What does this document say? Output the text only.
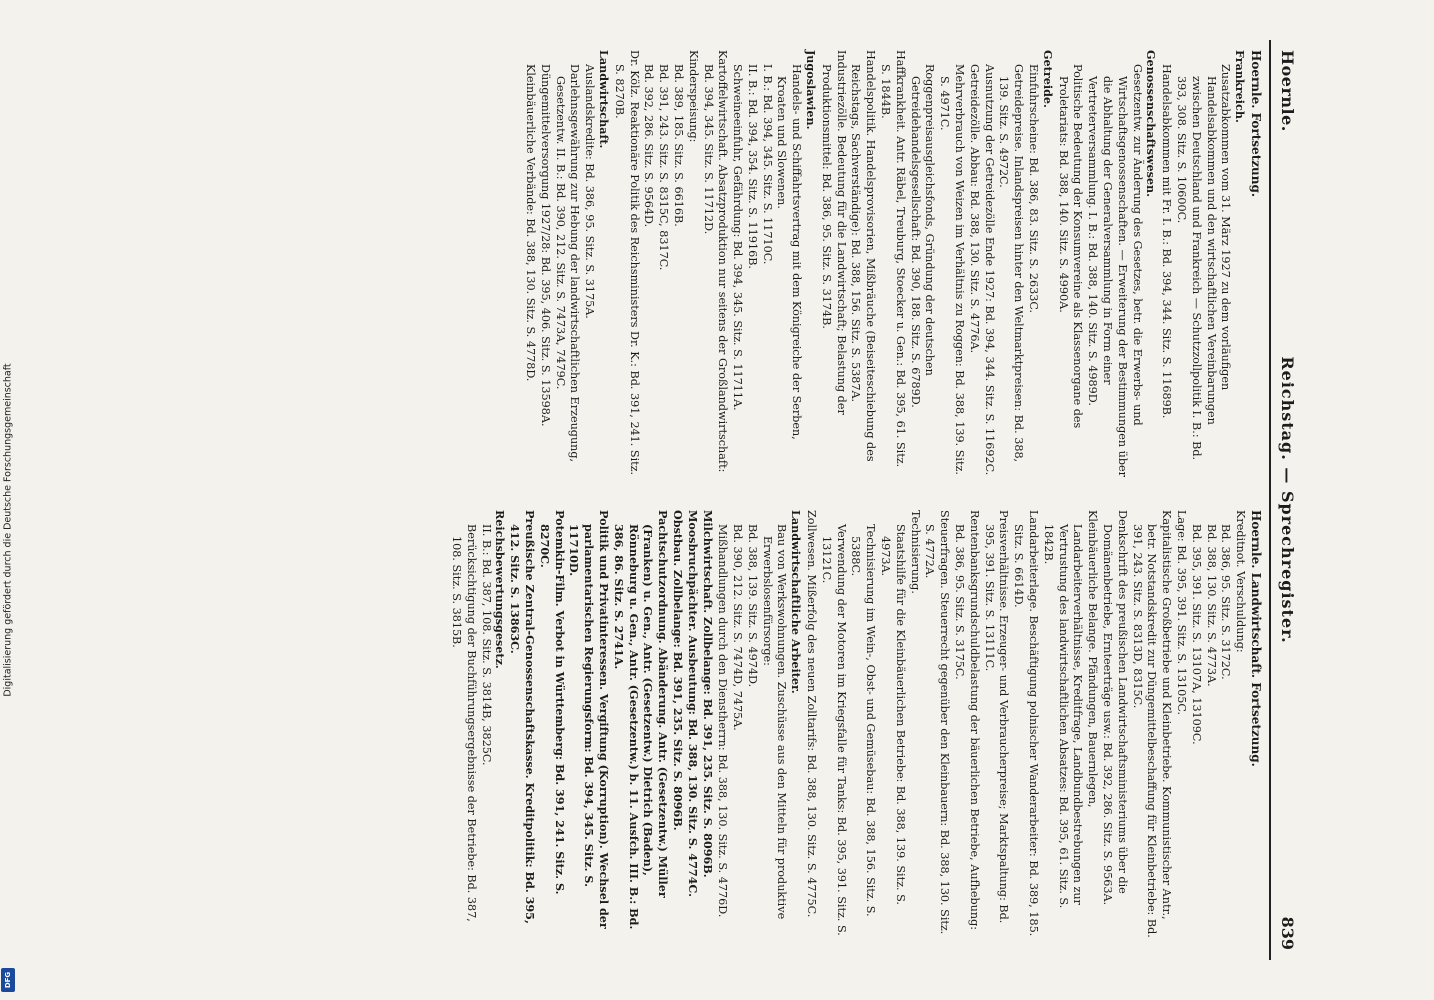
Hoernle.
Reichstag. — Sprechregister.
839
Hoernle. Fortsetzung.

Frankreich.

Zusatzabkommen vom 31. März 1927 zu dem vorläufigen Handelsabkommen und den wirtschaftlichen Vereinbarungen zwischen Deutschland und Frankreich — Schutzzollpolitik I. B.: Bd. 393, 308. Sitz. S. 10600C.

Handelsabkommen mit Fr. I. B.: Bd. 394, 344. Sitz. S. 11689B.

Genossenschaftswesen.

Gesetzentw. zur Änderung des Gesetzes, betr. die Erwerbs- und Wirtschaftsgenossenschaften. — Erweiterung der Bestimmungen über die Abhaltung der Generalversammlung in Form einer Vertreterversammlung. I. B.: Bd. 388, 140. Sitz. S. 4989D.

Politische Bedeutung der Konsumvereine als Klassenorgane des Proletariats: Bd. 388, 140. Sitz. S. 4990A.

Getreide.

Einfuhrscheine: Bd. 386, 83. Sitz. S. 2633C.

Getreidepreise. Inlandspreisen hinter den Weltmarktpreisen: Bd. 388, 139. Sitz. S. 4972C.

Ausnutzung der Getreidezölle Ende 1927: Bd. 394, 344. Sitz. S. 11692C.

Getreidezölle. Abbau: Bd. 388, 130. Sitz. S. 4776A.

Mehrverbrauch von Weizen im Verhältnis zu Roggen: Bd. 388, 139. Sitz. S. 4971C.

Roggenpreisausgleichsfonds, Gründung der deutschen Getreidehandelsgesellschaft: Bd. 390, 188. Sitz. S. 6789D.

Haffkrankheit. Antr. Räbel, Treuburg, Stoecker u. Gen.: Bd. 395, 61. Sitz. S. 1844B.

Handelspolitik. Handelsprovisorien, Mißbräuche (Beiseiteschiebung des Reichstags, Sachverständige): Bd. 388, 156. Sitz. S. 5387A.

Industriezölle. Bedeutung für die Landwirtschaft; Belastung der Produktionsmittel: Bd. 386, 95. Sitz. S. 3174B.

Jugoslawien.

Handels- und Schiffahrtsvertrag mit dem Königreiche der Serben, Kroaten und Slowenen.

I. B.: Bd. 394, 345. Sitz. S. 11710C.

II. B.: Bd. 394, 354. Sitz. S. 11916B.

Schweineeinfuhr, Gefährdung: Bd. 394, 345. Sitz. S. 11711A.

Kartoffelwirtschaft. Absatzproduktion nur seitens der Großlandwirtschaft: Bd. 394, 345. Sitz. S. 11712D.

Kinderspeisung:

Bd. 389, 185. Sitz. S. 6616B.

Bd. 391, 243. Sitz. S. 8315C, 8317C.

Bd. 392, 286. Sitz. S. 9564D.

Dr. Kölz. Reaktionäre Politik des Reichsministers Dr. K.: Bd. 391, 241. Sitz. S. 8270B.

Landwirtschaft.

Auslandskredite: Bd. 386, 95. Sitz. S. 3175A.

Darlehnsgewährung zur Hebung der landwirtschaftlichen Erzeugung, Gesetzentw. II. B.: Bd. 390, 212. Sitz. S. 7473A, 7479C.

Düngemittelversorgung 1927/28: Bd. 395, 406. Sitz. S. 13598A.

Kleinbäuerliche Verbände: Bd. 388, 130. Sitz. S. 4778D.

Hoernle. Landwirtschaft. Fortsetzung.

Kreditnot. Verschuldung:

Bd. 386, 95. Sitz. S. 3172C.

Bd. 388, 130. Sitz. S. 4773A.

Bd. 395, 391. Sitz. S. 13107A, 13109C.

Lage: Bd. 395, 391. Sitz. S. 13105C.

Kapitalistische Großbetriebe und Kleinbetriebe. Kommunistischer Antr., betr. Notstandskredit zur Düngemittelbeschaffung für Kleinbetriebe: Bd. 391, 243. Sitz. S. 8313D, 8315C.

Denkschrift des preußischen Landwirtschaftsministeriums über die Domänenbetriebe, Ernteerträge usw.: Bd. 392, 286. Sitz. S. 9563A.

Kleinbäuerliche Belange. Pfändungen, Bauernlegen, Landarbeiterverhältnisse, Kreditfrage, Landbundbestrebungen zur Vertrustung des landwirtschaftlichen Absatzes: Bd. 395, 61. Sitz. S. 1842B.

Landarbeiterlage. Beschäftigung polnischer Wanderarbeiter: Bd. 389, 185. Sitz. S. 6614D.

Preisverhältnisse. Erzeuger- und Verbraucherpreise; Marktspaltung: Bd. 395, 391. Sitz. S. 13111C.

Rentenbanksgrundschuldbelastung der bäuerlichen Betriebe, Aufhebung: Bd. 386, 95. Sitz. S. 3175C.

Steuerfragen. Steuerrecht gegenüber den Kleinbauern: Bd. 388, 130. Sitz. S. 4772A.

Technisierung.

Staatshilfe für die Kleinbäuerlichen Betriebe: Bd. 388, 139. Sitz. S. 4973A.

Technisierung im Wein-, Obst- und Gemüsebau: Bd. 388, 156. Sitz. S. 5388C.

Verwendung der Motoren im Kriegsfalle für Tanks: Bd. 395, 391. Sitz. S. 13121C.

Zollwesen. Mißerfolg des neuen Zolltarifs: Bd. 388, 130. Sitz. S. 4775C.

Landwirtschaftliche Arbeiter.

Bau von Werkswohnungen. Zuschüsse aus den Mitteln für produktive Erwerbslosenfürsorge:

Bd. 388, 139. Sitz. S. 4974D.

Bd. 390, 212. Sitz. S. 7474D, 7475A.

Mißhandlungen durch den Dienstherrn: Bd. 388, 130. Sitz. S. 4776D.

Milchwirtschaft. Zollbelange: Bd. 391, 235. Sitz. S. 8096B.

Moosbruchpächter. Ausbeutung: Bd. 388, 130. Sitz. S. 4774C.

Obstbau. Zollbelange: Bd. 391, 235. Sitz. S. 8096B.

Pachtschutzordnung. Abänderung. Antr. (Gesetzentw.) Müller (Franken) u. Gen., Antr. (Gesetzentw.) Dietrich (Baden), Rönneburg u. Gen., Antr. (Gesetzentw.) b. 11. Ausfch. III. B.: Bd. 386, 86. Sitz. S. 2741A.

Politik und Privatinteressen. Vergiftung (Korruption). Wechsel der parlamentarischen Regierungsform: Bd. 394, 345. Sitz. S. 11710D.

Potemkin-Film. Verbot in Württemberg: Bd. 391, 241. Sitz. S. 8270C.

Preußische Zentral-Genossenschaftskasse. Kreditpolitik: Bd. 395, 412. Sitz. S. 13863C.

Reichsbewertungsgesetz.

II. B.: Bd. 387, 108. Sitz. S. 3814B, 3825C.

Berücksichtigung der Buchführungsergebnisse der Betriebe: Bd. 387, 108. Sitz. S. 3815B.

Digitalisierung gefördert durch die Deutsche Forschungsgemeinschaft
DFG
